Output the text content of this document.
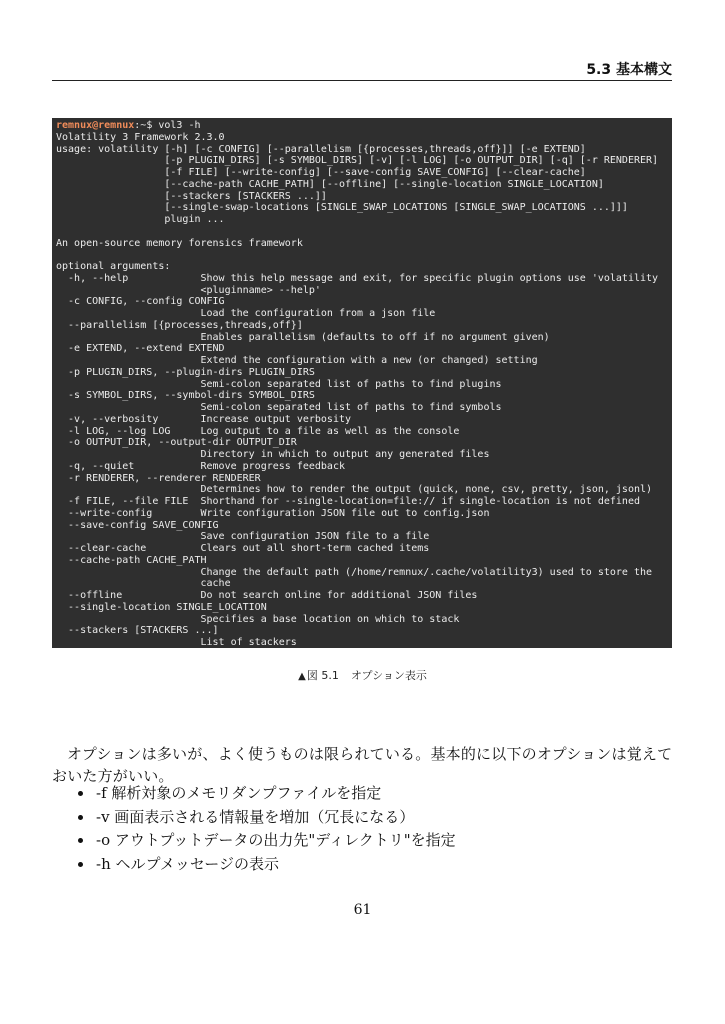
5.3 基本構文
remnux@remnux:~$ vol3 -h
Volatility 3 Framework 2.3.0
usage: volatility [-h] [-c CONFIG] [--parallelism [{processes,threads,off}]] [-e EXTEND]
[-p PLUGIN_DIRS] [-s SYMBOL_DIRS] [-v] [-l LOG] [-o OUTPUT_DIR] [-q] [-r RENDERER]
[-f FILE] [--write-config] [--save-config SAVE_CONFIG] [--clear-cache]
[--cache-path CACHE_PATH] [--offline] [--single-location SINGLE_LOCATION]
[--stackers [STACKERS ...]]
[--single-swap-locations [SINGLE_SWAP_LOCATIONS [SINGLE_SWAP_LOCATIONS ...]]]
plugin ...

An open-source memory forensics framework

optional arguments:
-h, --help            Show this help message and exit, for specific plugin options use 'volatility
<pluginname> --help'
-c CONFIG, --config CONFIG
Load the configuration from a json file
--parallelism [{processes,threads,off}]
Enables parallelism (defaults to off if no argument given)
-e EXTEND, --extend EXTEND
Extend the configuration with a new (or changed) setting
-p PLUGIN_DIRS, --plugin-dirs PLUGIN_DIRS
Semi-colon separated list of paths to find plugins
-s SYMBOL_DIRS, --symbol-dirs SYMBOL_DIRS
Semi-colon separated list of paths to find symbols
-v, --verbosity       Increase output verbosity
-l LOG, --log LOG     Log output to a file as well as the console
-o OUTPUT_DIR, --output-dir OUTPUT_DIR
Directory in which to output any generated files
-q, --quiet           Remove progress feedback
-r RENDERER, --renderer RENDERER
Determines how to render the output (quick, none, csv, pretty, json, jsonl)
-f FILE, --file FILE  Shorthand for --single-location=file:// if single-location is not defined
--write-config        Write configuration JSON file out to config.json
--save-config SAVE_CONFIG
Save configuration JSON file to a file
--clear-cache         Clears out all short-term cached items
--cache-path CACHE_PATH
Change the default path (/home/remnux/.cache/volatility3) used to store the
cache
--offline             Do not search online for additional JSON files
--single-location SINGLE_LOCATION
Specifies a base location on which to stack
--stackers [STACKERS ...]
List of stackers
▲図 5.1 オプション表示

オプションは多いが、よく使うものは限られている。基本的に以下のオプションは覚えておいた方がいい。

-f 解析対象のメモリダンプファイルを指定
-v 画面表示される情報量を増加（冗長になる）
-o アウトプットデータの出力先"ディレクトリ"を指定
-h ヘルプメッセージの表示
61
